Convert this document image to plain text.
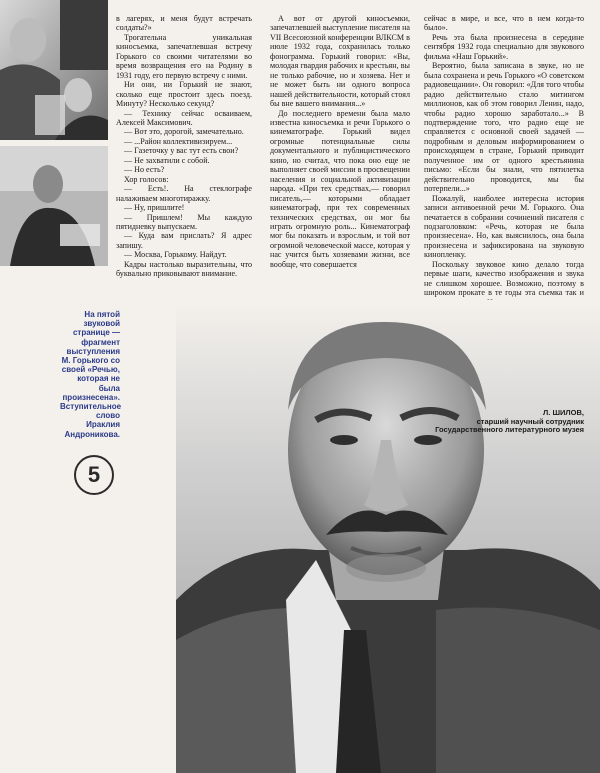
в лагерях, и меня будут встречать солдаты?»

Трогательна уникальная киносъемка, запечатлевшая встречу Горького со своими читателями во время возвращения его на Родину в 1931 году, его первую встречу с ними.

Ни они, ни Горький не знают, сколько еще простоит здесь поезд. Минуту? Несколько секунд?

— Технику сейчас осваиваем, Алексей Максимович.

— Вот это, дорогой, замечательно.

— ...Район коллективизируем...

— Газеточку у вас тут есть свои?

— Не захватили с собой.

— Но есть?

Хор голосов:

— Есть!. На стеклографе налаживаем многотиражку.

— Ну, пришлите!

— Пришлем! Мы каждую пятидневку выпускаем.

— Куда вам прислать? Я адрес запишу.

— Москва, Горькому. Найдут.

Кадры настолько выразительны, что буквально приковывают внимание.

А вот от другой киносъемки, запечатлевшей выступление писателя на VII Всесоюзной конференции ВЛКСМ в июле 1932 года, сохранилась только фонограмма. Горький говорил: «Вы, молодая гвардия рабочих и крестьян, вы не только рабочие, но и хозяева. Нет и не может быть ни одного вопроса нашей действительности, который стоял бы вне вашего внимания...»

До последнего времени была мало известна киносъемка и речи Горького о кинематографе. Горький видел огромные потенциальные силы документального и публицистического кино, но считал, что пока оно еще не выполняет своей миссии в просвещении населения и социальной активизации народа. «При тех средствах,— говорил писатель,— которыми обладает кинематограф, при тех современных технических средствах, он мог бы играть огромную роль... Кинематограф мог бы показать и взрослым, и той вот огромной человеческой массе, которая у нас учится быть хозяевами жизни, все вообще, что совершается

сейчас в мире, и все, что в нем когда-то было».

Речь эта была произнесена в середине сентября 1932 года специально для звукового фильма «Наш Горький».

Вероятно, была записана в звуке, но не была сохранена и речь Горького «О советском радиовещании». Он говорил: «Для того чтобы радио действительно стало митингом миллионов, как об этом говорил Ленин, надо, чтобы радио хорошо заработало...» В подтверждение того, что радио еще не справляется с основной своей задачей — подробным и деловым информированием о происходящем в стране, Горький приводит полученное им от одного крестьянина письмо: «Если бы знали, что пятилетка действительно проводится, мы бы потерпели...»

Пожалуй, наиболее интересна история записи антивоенной речи М. Горького. Она печатается в собрании сочинений писателя с подзаголовком: «Речь, которая не была произнесена». Но, как выяснилось, она была произнесена и зафиксирована на звуковую кинопленку.

Поскольку звуковое кино делало тогда первые шаги, качество изображения и звука не слишком хорошее. Возможно, поэтому в широком прокате в те годы эта съемка так и

На пятой звуковой странице — фрагмент выступления М. Горького со своей «Речью, которая не была произнесена». Вступительное слово Ираклия Андроникова.
5
Л. ШИЛОВ,
старший научный сотрудник Государственного литературного музея
